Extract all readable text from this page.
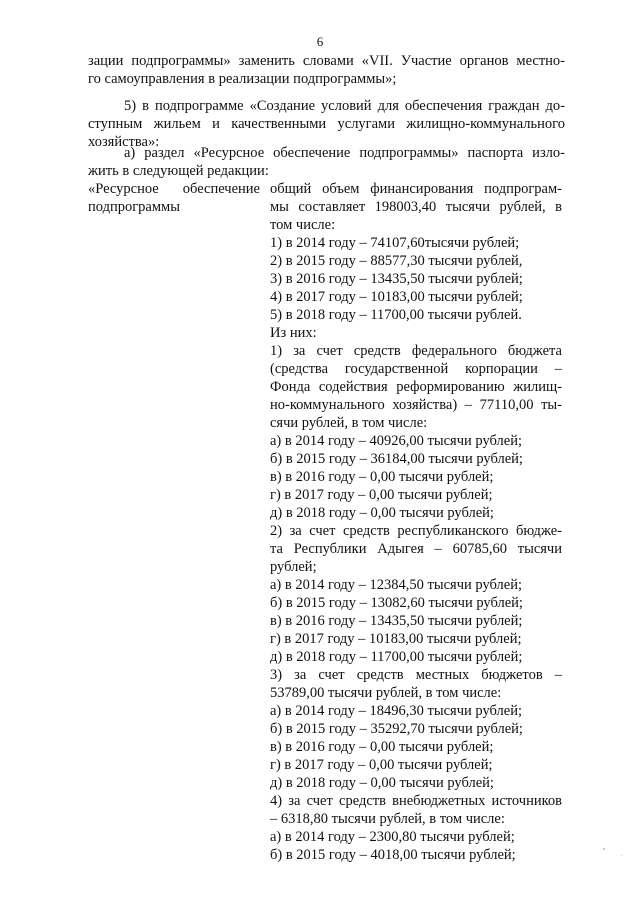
6
зации подпрограммы» заменить словами «VII. Участие органов местно-
го самоуправления в реализации подпрограммы»;
5) в подпрограмме «Создание условий для обеспечения граждан до-
ступным жильем и качественными услугами жилищно-коммунального
хозяйства»:
а) раздел «Ресурсное обеспечение подпрограммы» паспорта изло-
жить в следующей редакции:
«Ресурсное обеспечение
подпрограммы
общий объем финансирования подпрограм-
мы составляет 198003,40 тысячи рублей, в
том числе:
1) в 2014 году – 74107,60тысячи рублей;
2) в 2015 году – 88577,30 тысячи рублей,
3) в 2016 году – 13435,50 тысячи рублей;
4) в 2017 году – 10183,00 тысячи рублей;
5) в 2018 году – 11700,00 тысячи рублей.
Из них:
1) за счет средств федерального бюджета
(средства государственной корпорации –
Фонда содействия реформированию жилищ-
но-коммунального хозяйства) – 77110,00 ты-
сячи рублей, в том числе:
а) в 2014 году – 40926,00 тысячи рублей;
б) в 2015 году – 36184,00 тысячи рублей;
в) в 2016 году – 0,00 тысячи рублей;
г) в 2017 году – 0,00 тысячи рублей;
д) в 2018 году – 0,00 тысячи рублей;
2) за счет средств республиканского бюдже-
та Республики Адыгея – 60785,60 тысячи
рублей;
а) в 2014 году – 12384,50 тысячи рублей;
б) в 2015 году – 13082,60 тысячи рублей;
в) в 2016 году – 13435,50 тысячи рублей;
г) в 2017 году – 10183,00 тысячи рублей;
д) в 2018 году – 11700,00 тысячи рублей;
3) за счет средств местных бюджетов –
53789,00 тысячи рублей, в том числе:
а) в 2014 году – 18496,30 тысячи рублей;
б) в 2015 году – 35292,70 тысячи рублей;
в) в 2016 году – 0,00 тысячи рублей;
г) в 2017 году – 0,00 тысячи рублей;
д) в 2018 году – 0,00 тысячи рублей;
4) за счет средств внебюджетных источников
– 6318,80 тысячи рублей, в том числе:
а) в 2014 году – 2300,80 тысячи рублей;
б) в 2015 году – 4018,00 тысячи рублей;
